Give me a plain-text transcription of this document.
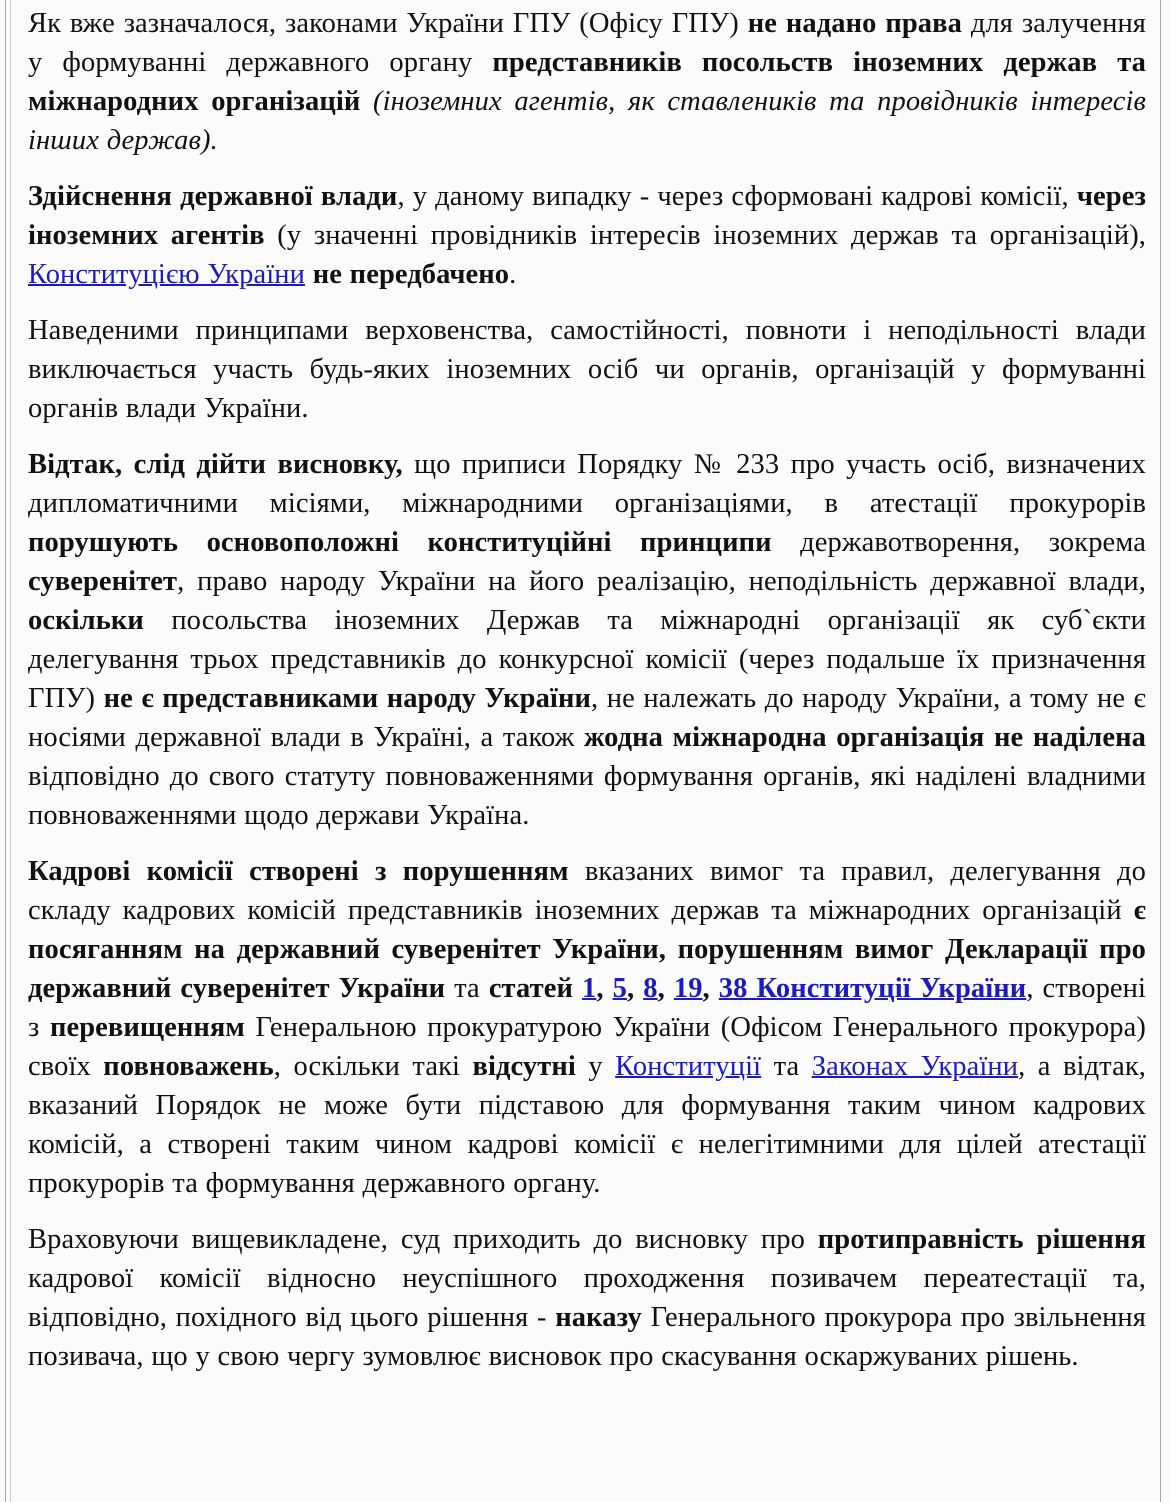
Як вже зазначалося, законами України ГПУ (Офісу ГПУ) не надано права для залучення у формуванні державного органу представників посольств іноземних держав та міжнародних організацій (іноземних агентів, як ставлеників та провідників інтересів інших держав).

Здійснення державної влади, у даному випадку - через сформовані кадрові комісії, через іноземних агентів (у значенні провідників інтересів іноземних держав та організацій), Конституцією України не передбачено.

Наведеними принципами верховенства, самостійності, повноти і неподільності влади виключається участь будь-яких іноземних осіб чи органів, організацій у формуванні органів влади України.

Відтак, слід дійти висновку, що приписи Порядку № 233 про участь осіб, визначених дипломатичними місіями, міжнародними організаціями, в атестації прокурорів порушують основоположні конституційні принципи державотворення, зокрема суверенітет, право народу України на його реалізацію, неподільність державної влади, оскільки посольства іноземних Держав та міжнародні організації як суб`єкти делегування трьох представників до конкурсної комісії (через подальше їх призначення ГПУ) не є представниками народу України, не належать до народу України, а тому не є носіями державної влади в Україні, а також жодна міжнародна організація не наділена відповідно до свого статуту повноваженнями формування органів, які наділені владними повноваженнями щодо держави Україна.

Кадрові комісії створені з порушенням вказаних вимог та правил, делегування до складу кадрових комісій представників іноземних держав та міжнародних організацій є посяганням на державний суверенітет України, порушенням вимог Декларації про державний суверенітет України та статей 1, 5, 8, 19, 38 Конституції України, створені з перевищенням Генеральною прокуратурою України (Офісом Генерального прокурора) своїх повноважень, оскільки такі відсутні у Конституції та Законах України, а відтак, вказаний Порядок не може бути підставою для формування таким чином кадрових комісій, а створені таким чином кадрові комісії є нелегітимними для цілей атестації прокурорів та формування державного органу.

Враховуючи вищевикладене, суд приходить до висновку про протиправність рішення кадрової комісії відносно неуспішного проходження позивачем переатестації та, відповідно, похідного від цього рішення - наказу Генерального прокурора про звільнення позивача, що у свою чергу зумовлює висновок про скасування оскаржуваних рішень.
